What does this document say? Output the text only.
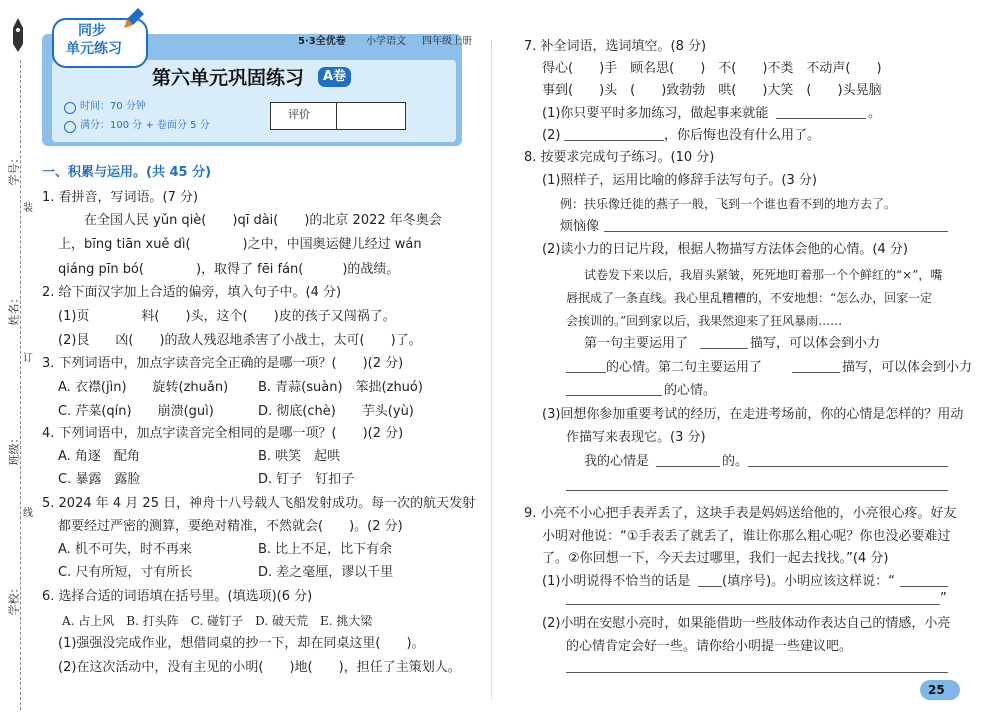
学号：
姓名：
班级：
学校：
装
订
线
同步
单元练习	5·3全优卷 小学语文 四年级上册
第六单元巩固练习	A卷
时间：70 分钟
满分：100 分 + 卷面分 5 分
评价
一、积累与运用。(共 45 分)
1. 看拼音，写词语。(7 分)
在全国人民 yǔn qiè(　　)qī dài(　　)的北京 2022 年冬奥会
上，bīng tiān xuě dì(　　　　)之中，中国奥运健儿经过 wán
qiáng pīn bó(　　　　)，取得了 fēi fán(　　　)的战绩。
2. 给下面汉字加上合适的偏旁，填入句子中。(4 分)
(1)页　　　　料(　　)头，这个(　　)皮的孩子又闯祸了。
(2)艮　　凶(　　)的敌人残忍地杀害了小战士，太可(　　)了。
3. 下列词语中，加点字读音完全正确的是哪一项？(　　)(2 分)
A. 衣襟(jìn)　　旋转(zhuǎn) B. 青蒜(suàn)　笨拙(zhuó)
C. 芹菜(qín)　　崩溃(guì)	D. 彻底(chè)　　芋头(yù)
4. 下列词语中，加点字读音完全相同的是哪一项？(　　)(2 分)
A. 角逐　配角	B. 哄笑　起哄
C. 暴露　露脸	D. 钉子　钉扣子
5. 2024 年 4 月 25 日，神舟十八号载人飞船发射成功。每一次的航天发射
都要经过严密的测算，要绝对精准，不然就会(　　)。(2 分)
A. 机不可失，时不再来	B. 比上不足，比下有余
C. 尺有所短，寸有所长	D. 差之毫厘，谬以千里
6. 选择合适的词语填在括号里。(填选项)(6 分)
A. 占上风　B. 打头阵　C. 碰钉子　D. 破天荒　E. 挑大梁
(1)强强没完成作业，想借同桌的抄一下，却在同桌这里(　　)。
(2)在这次活动中，没有主见的小明(　　)地(　　)，担任了主策划人。
7. 补全词语，选词填空。(8 分)
得心(　　)手　顾名思(　　)　不(　　)不类　不动声(　　)
事到(　　)头　(　　)致勃勃　哄(　　)大笑　(　　)头晃脑
(1)你只要平时多加练习，做起事来就能	。
(2)	，你后悔也没有什么用了。
8. 按要求完成句子练习。(10 分)
(1)照样子，运用比喻的修辞手法写句子。(3 分)
例：扶乐像迁徙的燕子一般，飞到一个谁也看不到的地方去了。
烦恼像
(2)读小力的日记片段，根据人物描写方法体会他的心情。(4 分)
试卷发下来以后，我眉头紧皱，死死地盯着那一个个鲜红的“×”，嘴
唇抿成了一条直线。我心里乱糟糟的，不安地想：“怎么办，回家一定
会挨训的。”回到家以后，我果然迎来了狂风暴雨……
第一句主要运用了	描写，可以体会到小力
的心情。第二句主要运用了	描写，可以体会到小力
的心情。
(3)回想你参加重要考试的经历，在走进考场前，你的心情是怎样的？用动
作描写来表现它。(3 分)
我的心情是	的。
9. 小亮不小心把手表弄丢了，这块手表是妈妈送给他的，小亮很心疼。好友
小明对他说：“①手表丢了就丢了，谁让你那么粗心呢？你也没必要难过
了。②你回想一下，今天去过哪里，我们一起去找找。”(4 分)
(1)小明说得不恰当的话是 (填序号)。小明应该这样说：“
”
(2)小明在安慰小亮时，如果能借助一些肢体动作表达自己的情感，小亮
的心情肯定会好一些。请你给小明提一些建议吧。
25
